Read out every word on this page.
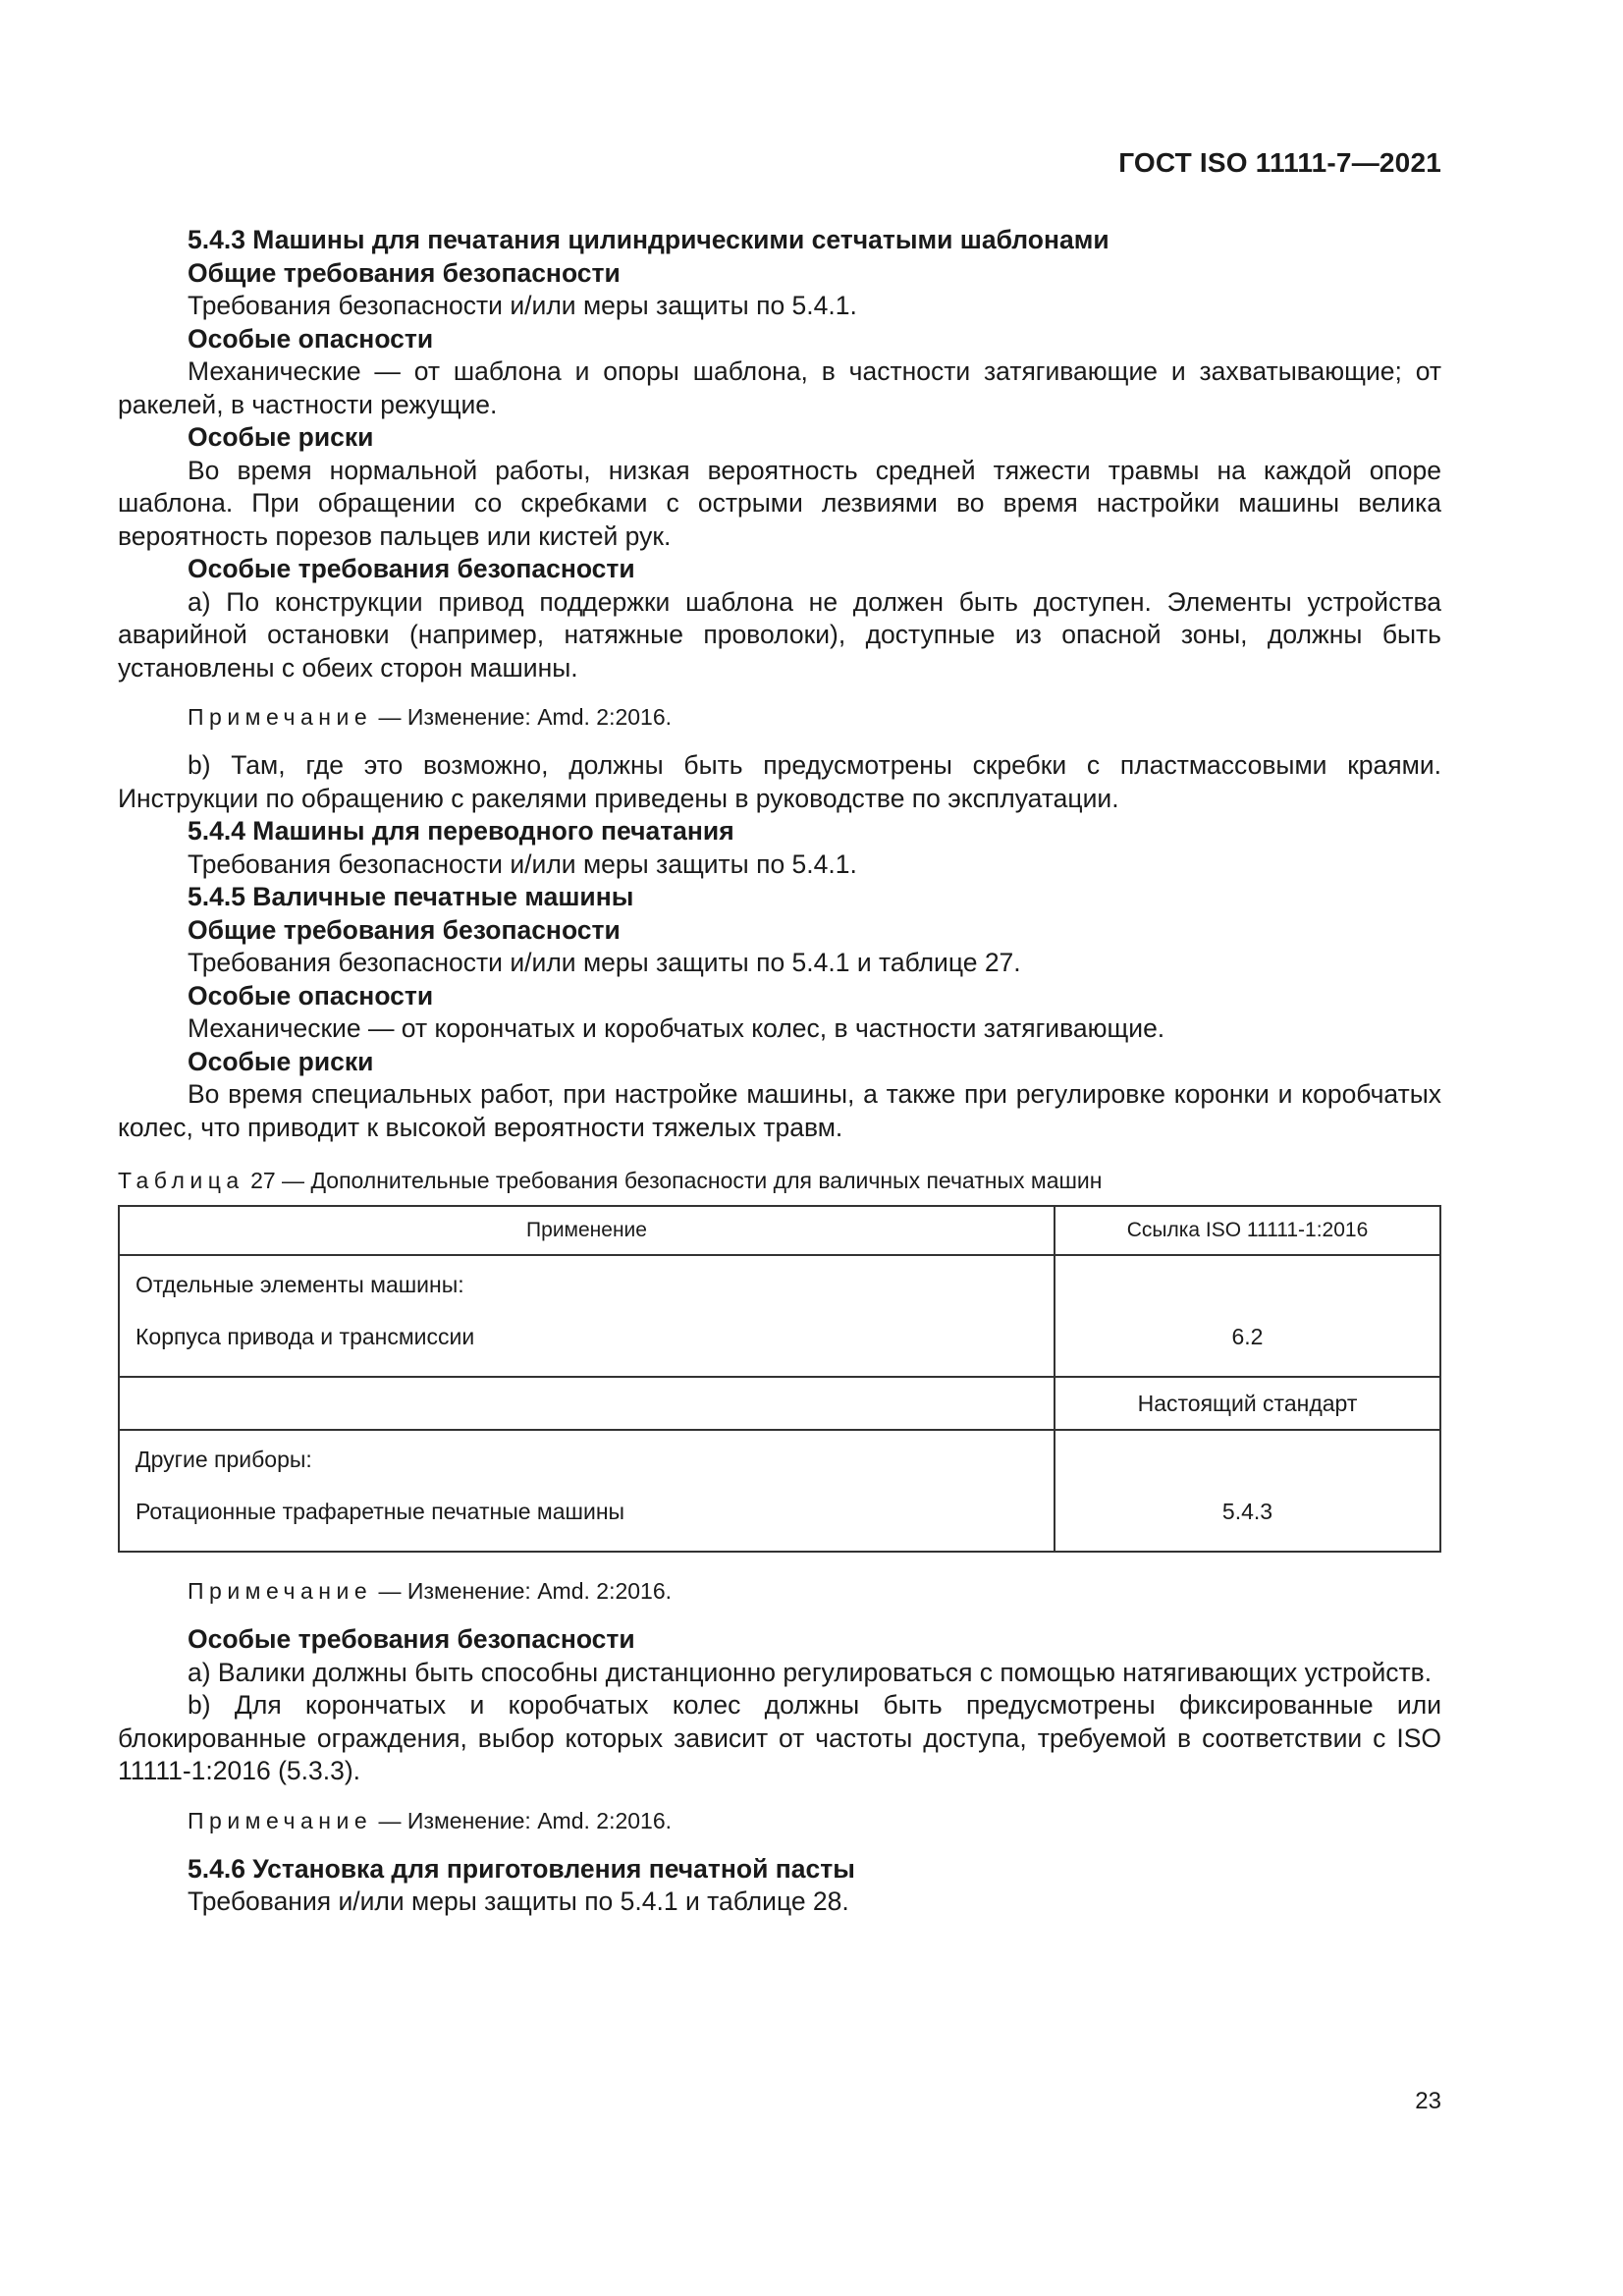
ГОСТ ISO 11111-7—2021

5.4.3 Машины для печатания цилиндрическими сетчатыми шаблонами

Общие требования безопасности

Требования безопасности и/или меры защиты по 5.4.1.

Особые опасности

Механические — от шаблона и опоры шаблона, в частности затягивающие и захватывающие; от ракелей, в частности режущие.

Особые риски

Во время нормальной работы, низкая вероятность средней тяжести травмы на каждой опоре шаблона. При обращении со скребками с острыми лезвиями во время настройки машины велика вероятность порезов пальцев или кистей рук.

Особые требования безопасности

a) По конструкции привод поддержки шаблона не должен быть доступен. Элементы устройства аварийной остановки (например, натяжные проволоки), доступные из опасной зоны, должны быть установлены с обеих сторон машины.

Примечание — Изменение: Amd. 2:2016.

b) Там, где это возможно, должны быть предусмотрены скребки с пластмассовыми краями. Инструкции по обращению с ракелями приведены в руководстве по эксплуатации.

5.4.4 Машины для переводного печатания

Требования безопасности и/или меры защиты по 5.4.1.

5.4.5 Валичные печатные машины

Общие требования безопасности

Требования безопасности и/или меры защиты по 5.4.1 и таблице 27.

Особые опасности

Механические — от корончатых и коробчатых колес, в частности затягивающие.

Особые риски

Во время специальных работ, при настройке машины, а также при регулировке коронки и коробчатых колес, что приводит к высокой вероятности тяжелых травм.

Таблица 27 — Дополнительные требования безопасности для валичных печатных машин

Применение	Ссылка ISO 11111-1:2016

Отдельные элементы машины:
Корпуса привода и трансмиссии	6.2

	Настоящий стандарт

Другие приборы:
Ротационные трафаретные печатные машины	5.4.3

Примечание — Изменение: Amd. 2:2016.

Особые требования безопасности

a) Валики должны быть способны дистанционно регулироваться с помощью натягивающих устройств.

b) Для корончатых и коробчатых колес должны быть предусмотрены фиксированные или блокированные ограждения, выбор которых зависит от частоты доступа, требуемой в соответствии с ISO 11111-1:2016 (5.3.3).

Примечание — Изменение: Amd. 2:2016.

5.4.6 Установка для приготовления печатной пасты

Требования и/или меры защиты по 5.4.1 и таблице 28.

23
